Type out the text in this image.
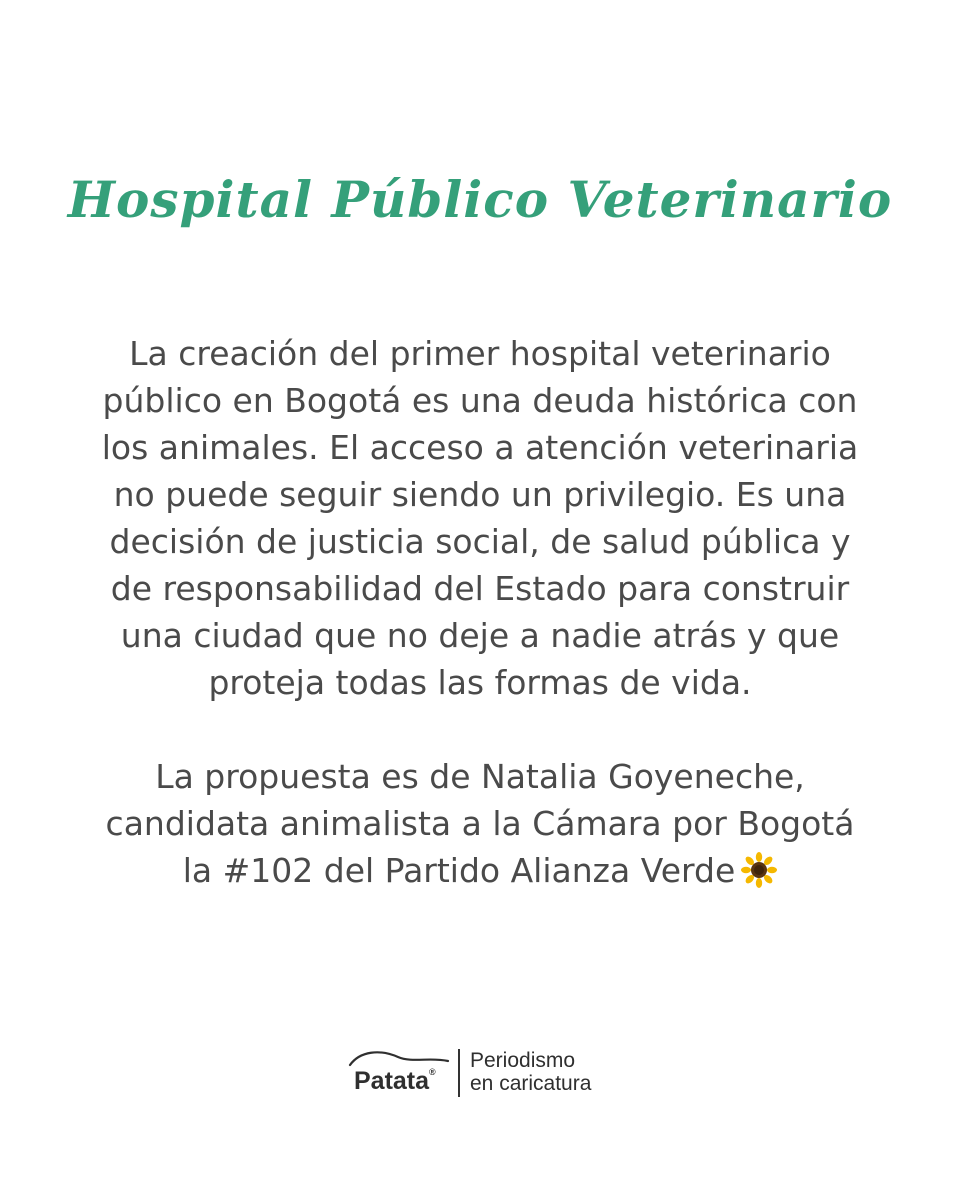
Hospital Público Veterinario
La creación del primer hospital veterinario
público en Bogotá es una deuda histórica con
los animales. El acceso a atención veterinaria
no puede seguir siendo un privilegio. Es una
decisión de justicia social, de salud pública y
de responsabilidad del Estado para construir
una ciudad que no deje a nadie atrás y que
proteja todas las formas de vida.
La propuesta es de Natalia Goyeneche,
candidata animalista a la Cámara por Bogotá
la #102 del Partido Alianza Verde
Patata® Periodismo
en caricatura
